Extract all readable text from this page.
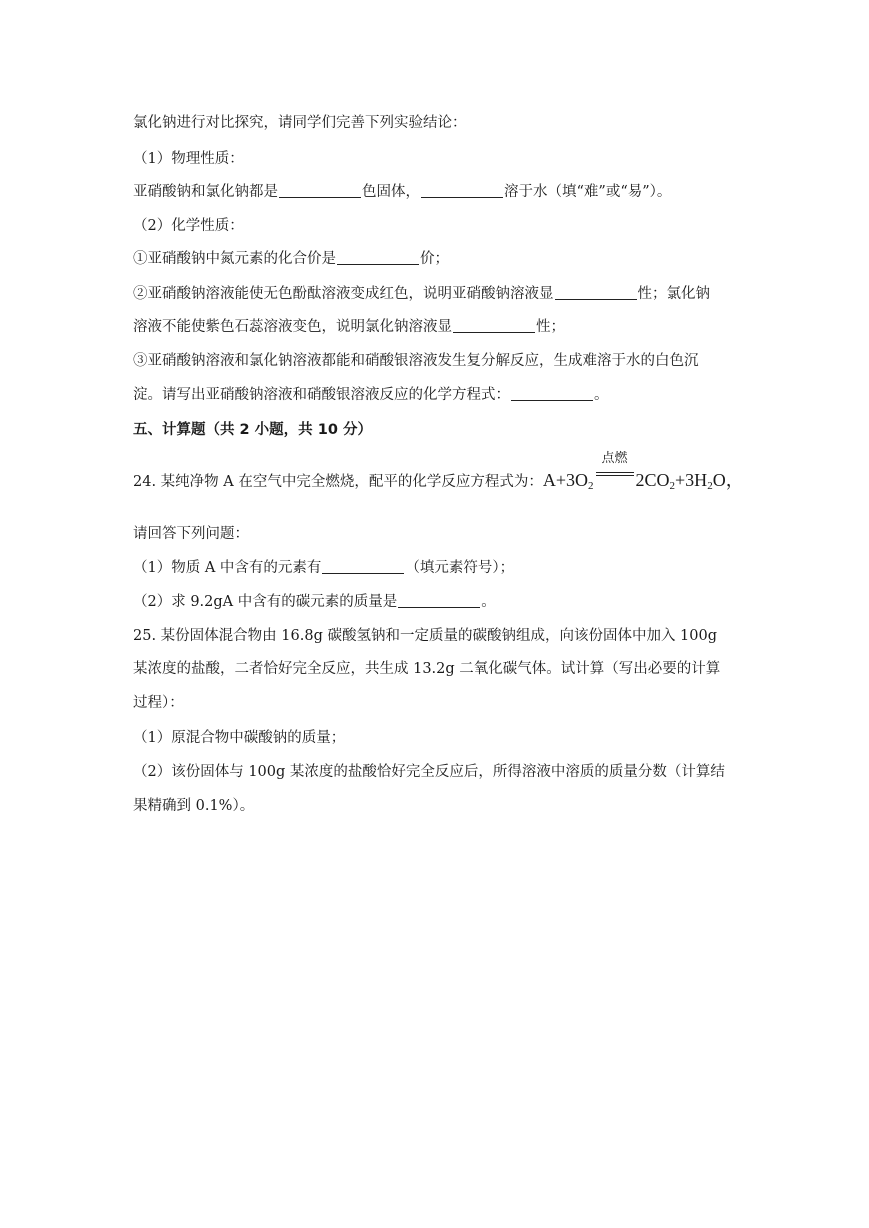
氯化钠进行对比探究，请同学们完善下列实验结论：
（1）物理性质：
亚硝酸钠和氯化钠都是	色固体，	溶于水（填“难”或“易”）。
（2）化学性质：
①亚硝酸钠中氮元素的化合价是	价；
②亚硝酸钠溶液能使无色酚酞溶液变成红色，说明亚硝酸钠溶液显	性；氯化钠
溶液不能使紫色石蕊溶液变色，说明氯化钠溶液显	性；
③亚硝酸钠溶液和氯化钠溶液都能和硝酸银溶液发生复分解反应，生成难溶于水的白色沉
淀。请写出亚硝酸钠溶液和硝酸银溶液反应的化学方程式：	。
五、计算题（共 2 小题，共 10 分）
24. 某纯净物 A 在空气中完全燃烧，配平的化学反应方程式为：$A+3O_2$
点燃
$2CO_2+3H_2O$，
请回答下列问题：
（1）物质 A 中含有的元素有	（填元素符号）；
（2）求 9.2gA 中含有的碳元素的质量是	。
25. 某份固体混合物由 16.8g 碳酸氢钠和一定质量的碳酸钠组成，向该份固体中加入 100g
某浓度的盐酸，二者恰好完全反应，共生成 13.2g 二氧化碳气体。试计算（写出必要的计算
过程）：
（1）原混合物中碳酸钠的质量；
（2）该份固体与 100g 某浓度的盐酸恰好完全反应后，所得溶液中溶质的质量分数（计算结
果精确到 0.1%）。
